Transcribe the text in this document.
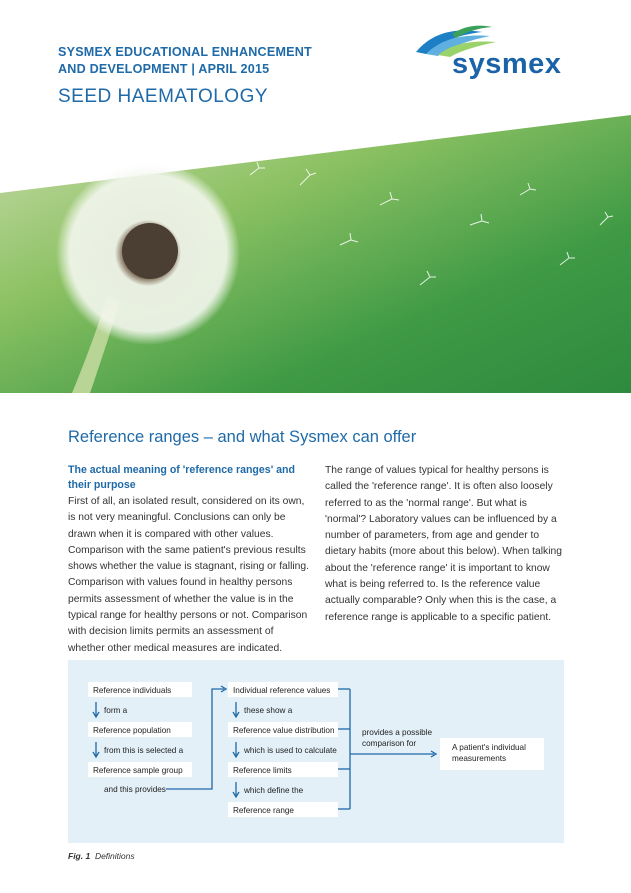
SYSMEX EDUCATIONAL ENHANCEMENT
AND DEVELOPMENT | APRIL 2015
SEED HAEMATOLOGY
sysmex
Reference ranges – and what Sysmex can offer
The actual meaning of 'reference ranges' and their purpose

First of all, an isolated result, considered on its own, is not very meaningful. Conclusions can only be drawn when it is compared with other values. Comparison with the same patient's previous results shows whether the value is stagnant, rising or falling. Comparison with values found in healthy persons permits assessment of whether the value is in the typical range for healthy persons or not. Comparison with decision limits permits an assessment of whether other medical measures are indicated.

The range of values typical for healthy persons is called the 'reference range'. It is often also loosely referred to as the 'normal range'. But what is 'normal'? Laboratory values can be influenced by a number of parameters, from age and gender to dietary habits (more about this below). When talking about the 'reference range' it is important to know what is being referred to. Is the reference value actually comparable? Only when this is the case, a reference range is applicable to a specific patient.

Reference individuals
form a
Reference population
from this is selected a
Reference sample group
and this provides
Individual reference values
these show a
Reference value distribution
which is used to calculate
Reference limits
which define the
Reference range
provides a possible
comparison for	A patient's individual
measurements
Fig. 1 Definitions
